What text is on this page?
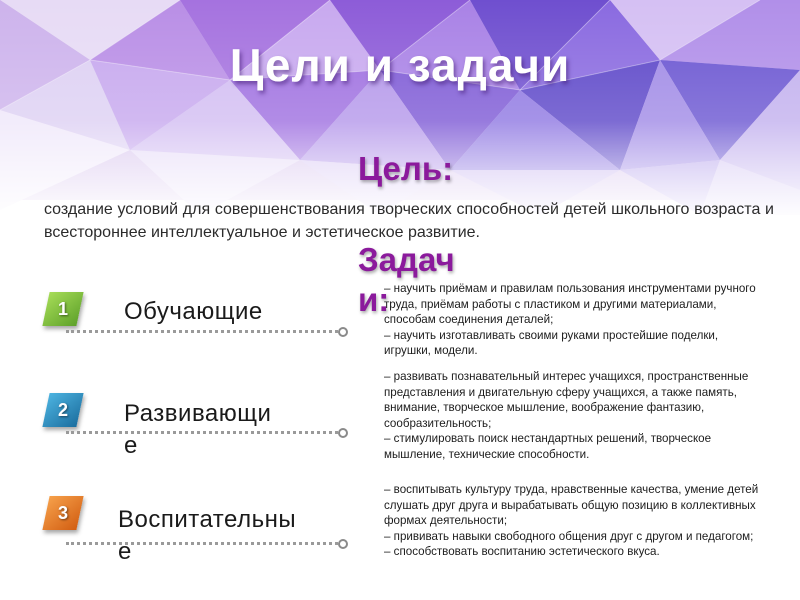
Цели и задачи
Цель:
создание условий для совершенствования творческих способностей детей школьного возраста и всестороннее интеллектуальное и эстетическое развитие.
Задачи:
1	Обучающие

– научить приёмам и правилам пользования инструментами ручного труда, приёмам работы с пластиком и другими материалами, способам соединения деталей;

– научить изготавливать своими руками простейшие поделки, игрушки, модели.

2	Развивающие

– развивать познавательный интерес учащихся, пространственные представления и двигательную сферу учащихся, а также память, внимание, творческое мышление, воображение фантазию, сообразительность;

– стимулировать поиск нестандартных решений, творческое мышление, технические способности.

3	Воспитательные

– воспитывать культуру труда, нравственные качества, умение детей слушать друг друга и вырабатывать общую позицию в коллективных формах деятельности;

– прививать навыки свободного общения друг с другом и педагогом;

– способствовать воспитанию эстетического вкуса.
